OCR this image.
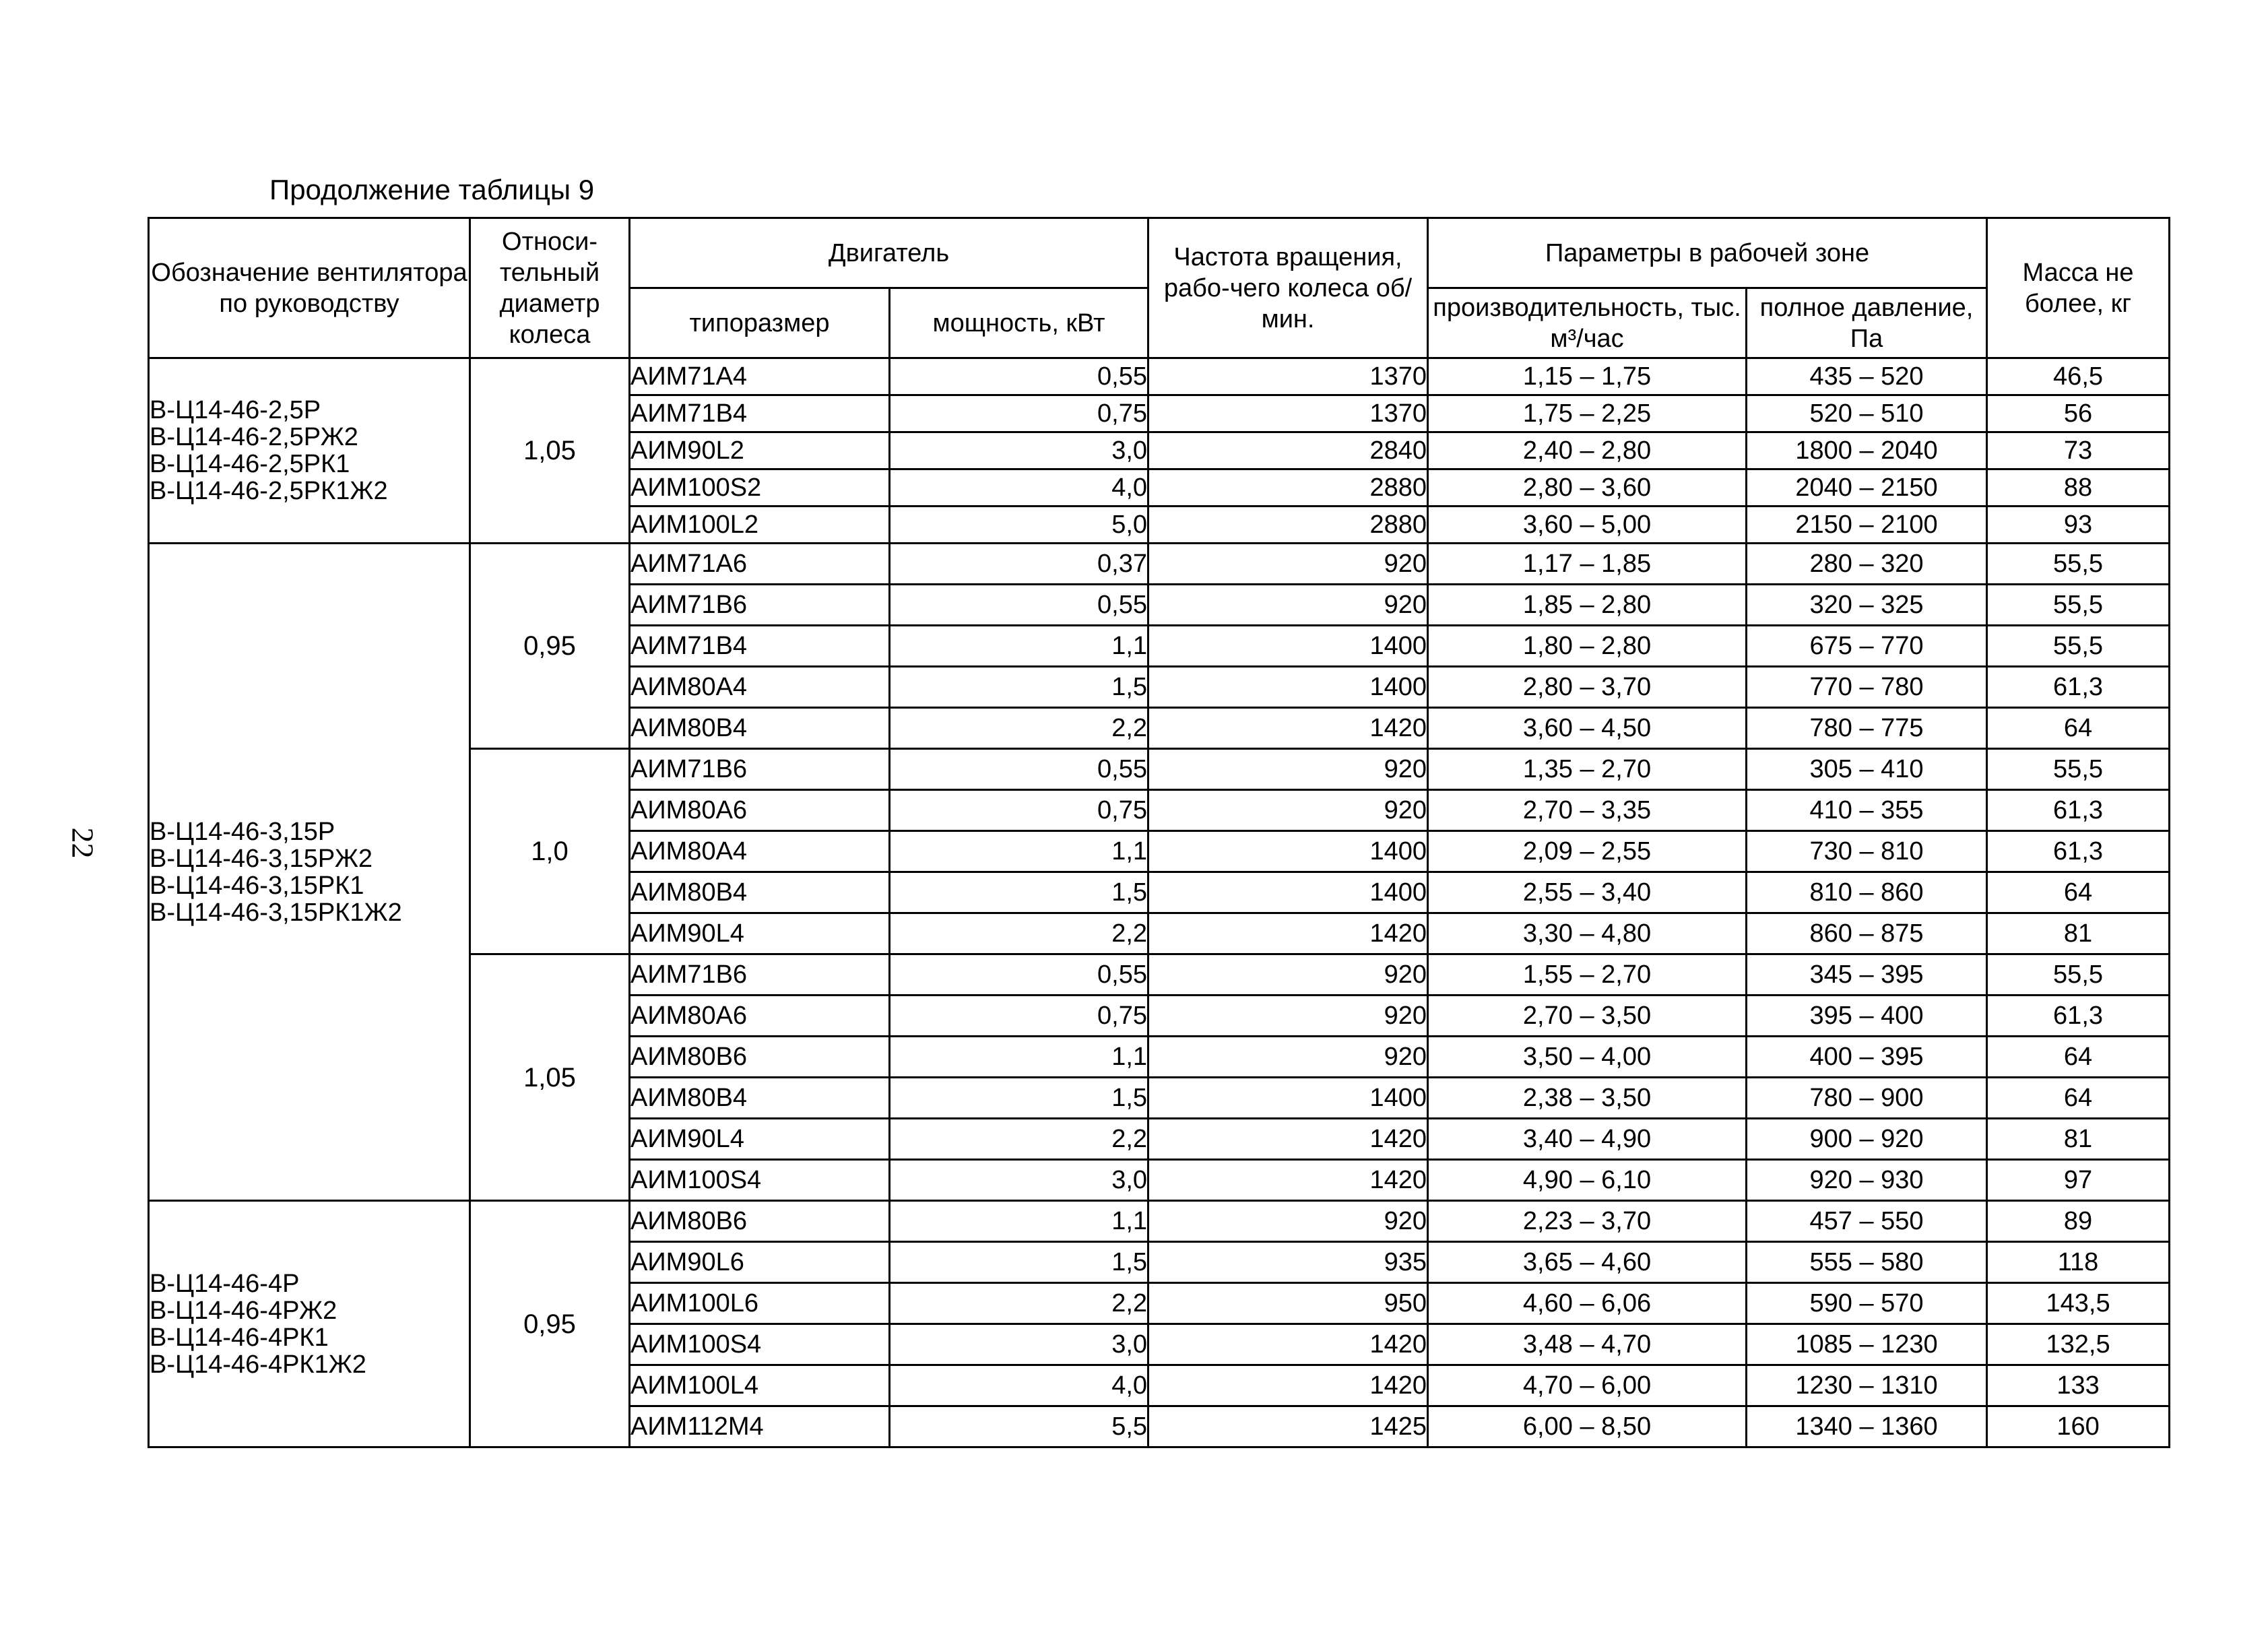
22
Продолжение таблицы 9
Обозначение вентилятора по руководству	Относи-тельный диаметр колеса	Двигатель		Частота вращения, рабо-чего колеса об/мин.	Параметры в рабочей зоне		Масса не более, кг
		типоразмер	мощность, кВт		производительность, тыс. м³/час	полное давление, Па	

В-Ц14-46-2,5Р
В-Ц14-46-2,5РЖ2
В-Ц14-46-2,5РК1
В-Ц14-46-2,5РК1Ж2	1,05	АИМ71А4	0,55	1370	1,15 – 1,75	435 – 520	46,5
		АИМ71В4	0,75	1370	1,75 – 2,25	520 – 510	56
		АИМ90L2	3,0	2840	2,40 – 2,80	1800 – 2040	73
		АИМ100S2	4,0	2880	2,80 – 3,60	2040 – 2150	88
		АИМ100L2	5,0	2880	3,60 – 5,00	2150 – 2100	93

В-Ц14-46-3,15Р
В-Ц14-46-3,15РЖ2
В-Ц14-46-3,15РК1
В-Ц14-46-3,15РК1Ж2	0,95	АИМ71А6	0,37	920	1,17 – 1,85	280 – 320	55,5
		АИМ71В6	0,55	920	1,85 – 2,80	320 – 325	55,5
		АИМ71В4	1,1	1400	1,80 – 2,80	675 – 770	55,5
		АИМ80А4	1,5	1400	2,80 – 3,70	770 – 780	61,3
		АИМ80В4	2,2	1420	3,60 – 4,50	780 – 775	64
	1,0	АИМ71В6	0,55	920	1,35 – 2,70	305 – 410	55,5
		АИМ80А6	0,75	920	2,70 – 3,35	410 – 355	61,3
		АИМ80А4	1,1	1400	2,09 – 2,55	730 – 810	61,3
		АИМ80В4	1,5	1400	2,55 – 3,40	810 – 860	64
		АИМ90L4	2,2	1420	3,30 – 4,80	860 – 875	81
	1,05	АИМ71В6	0,55	920	1,55 – 2,70	345 – 395	55,5
		АИМ80А6	0,75	920	2,70 – 3,50	395 – 400	61,3
		АИМ80В6	1,1	920	3,50 – 4,00	400 – 395	64
		АИМ80В4	1,5	1400	2,38 – 3,50	780 – 900	64
		АИМ90L4	2,2	1420	3,40 – 4,90	900 – 920	81
		АИМ100S4	3,0	1420	4,90 – 6,10	920 – 930	97

В-Ц14-46-4Р
В-Ц14-46-4РЖ2
В-Ц14-46-4РК1
В-Ц14-46-4РК1Ж2	0,95	АИМ80В6	1,1	920	2,23 – 3,70	457 – 550	89
		АИМ90L6	1,5	935	3,65 – 4,60	555 – 580	118
		АИМ100L6	2,2	950	4,60 – 6,06	590 – 570	143,5
		АИМ100S4	3,0	1420	3,48 – 4,70	1085 – 1230	132,5
		АИМ100L4	4,0	1420	4,70 – 6,00	1230 – 1310	133
		АИМ112М4	5,5	1425	6,00 – 8,50	1340 – 1360	160
